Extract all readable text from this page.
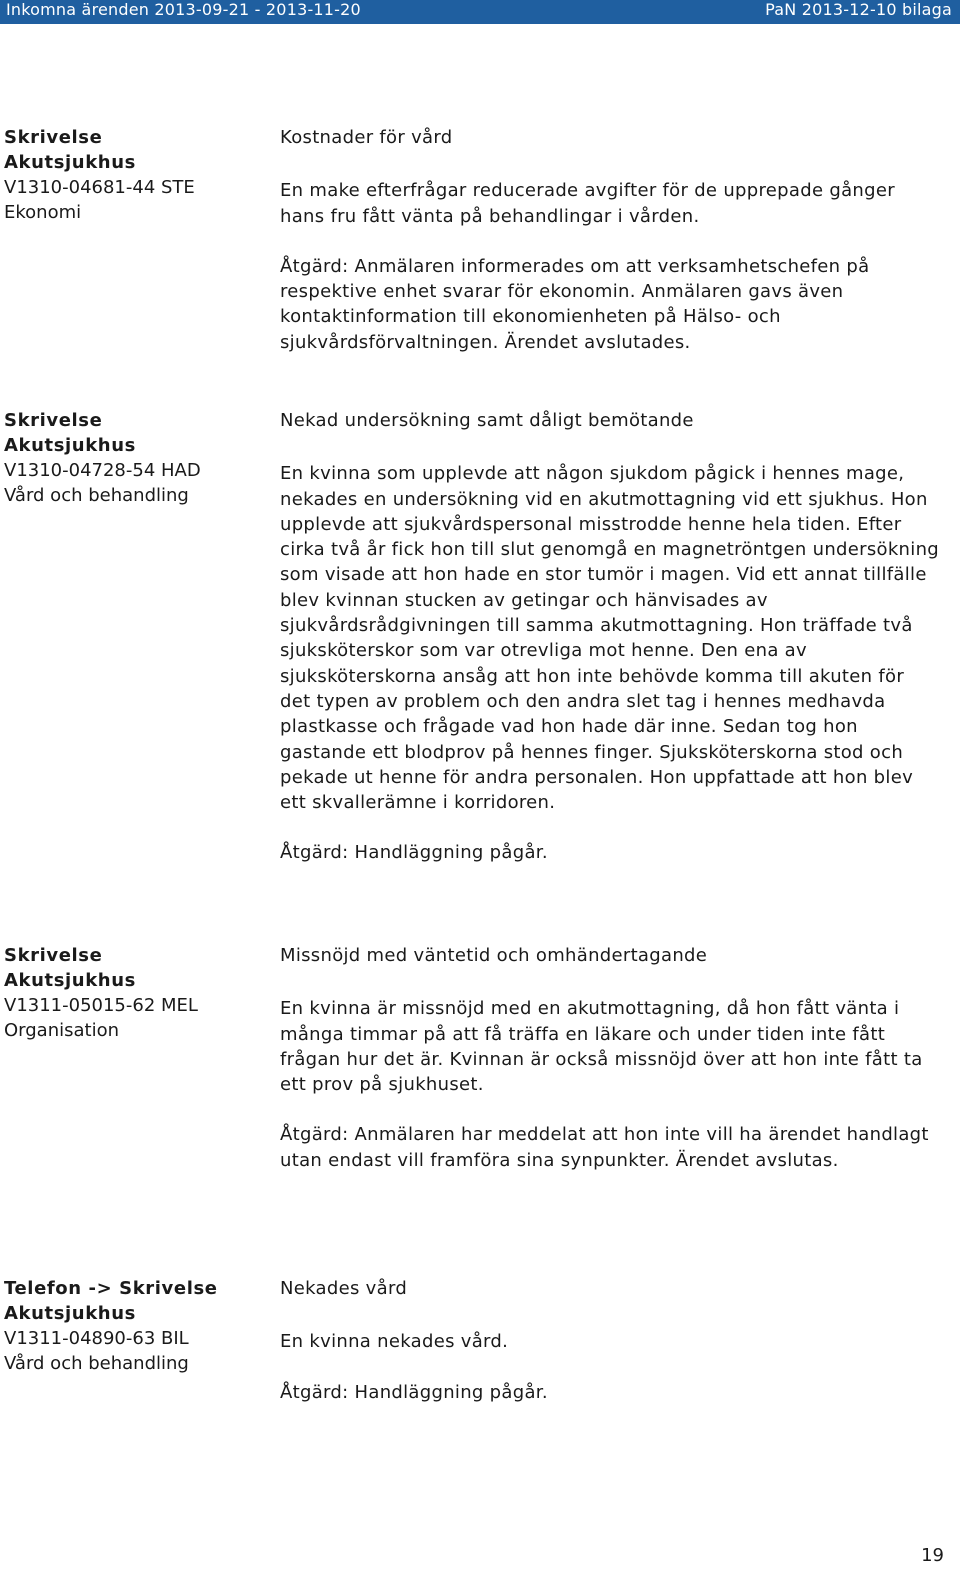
Inkomna ärenden 2013-09-21 - 2013-11-20	PaN 2013-12-10 bilaga
Skrivelse
Akutsjukhus
V1310-04681-44 STE
Ekonomi

Kostnader för vård

En make efterfrågar reducerade avgifter för de upprepade gånger hans fru fått vänta på behandlingar i vården.

Åtgärd: Anmälaren informerades om att verksamhetschefen på respektive enhet svarar för ekonomin. Anmälaren gavs även kontaktinformation till ekonomienheten på Hälso- och sjukvårdsförvaltningen. Ärendet avslutades.

Skrivelse
Akutsjukhus
V1310-04728-54 HAD
Vård och behandling

Nekad undersökning samt dåligt bemötande

En kvinna som upplevde att någon sjukdom pågick i hennes mage, nekades en undersökning vid en akutmottagning vid ett sjukhus. Hon upplevde att sjukvårdspersonal misstrodde henne hela tiden. Efter cirka två år fick hon till slut genomgå en magnetröntgen undersökning som visade att hon hade en stor tumör i magen. Vid ett annat tillfälle blev kvinnan stucken av getingar och hänvisades av sjukvårdsrådgivningen till samma akutmottagning. Hon träffade två sjuksköterskor som var otrevliga mot henne. Den ena av sjuksköterskorna ansåg att hon inte behövde komma till akuten för det typen av problem och den andra slet tag i hennes medhavda plastkasse och frågade vad hon hade där inne. Sedan tog hon gastande ett blodprov på hennes finger. Sjuksköterskorna stod och pekade ut henne för andra personalen. Hon uppfattade att hon blev ett skvallerämne i korridoren.

Åtgärd: Handläggning pågår.

Skrivelse
Akutsjukhus
V1311-05015-62 MEL
Organisation

Missnöjd med väntetid och omhändertagande

En kvinna är missnöjd med en akutmottagning, då hon fått vänta i många timmar på att få träffa en läkare och under tiden inte fått frågan hur det är. Kvinnan är också missnöjd över att hon inte fått ta ett prov på sjukhuset.

Åtgärd: Anmälaren har meddelat att hon inte vill ha ärendet handlagt utan endast vill framföra sina synpunkter. Ärendet avslutas.

Telefon -> Skrivelse
Akutsjukhus
V1311-04890-63 BIL
Vård och behandling

Nekades vård

En kvinna nekades vård.

Åtgärd: Handläggning pågår.

19
